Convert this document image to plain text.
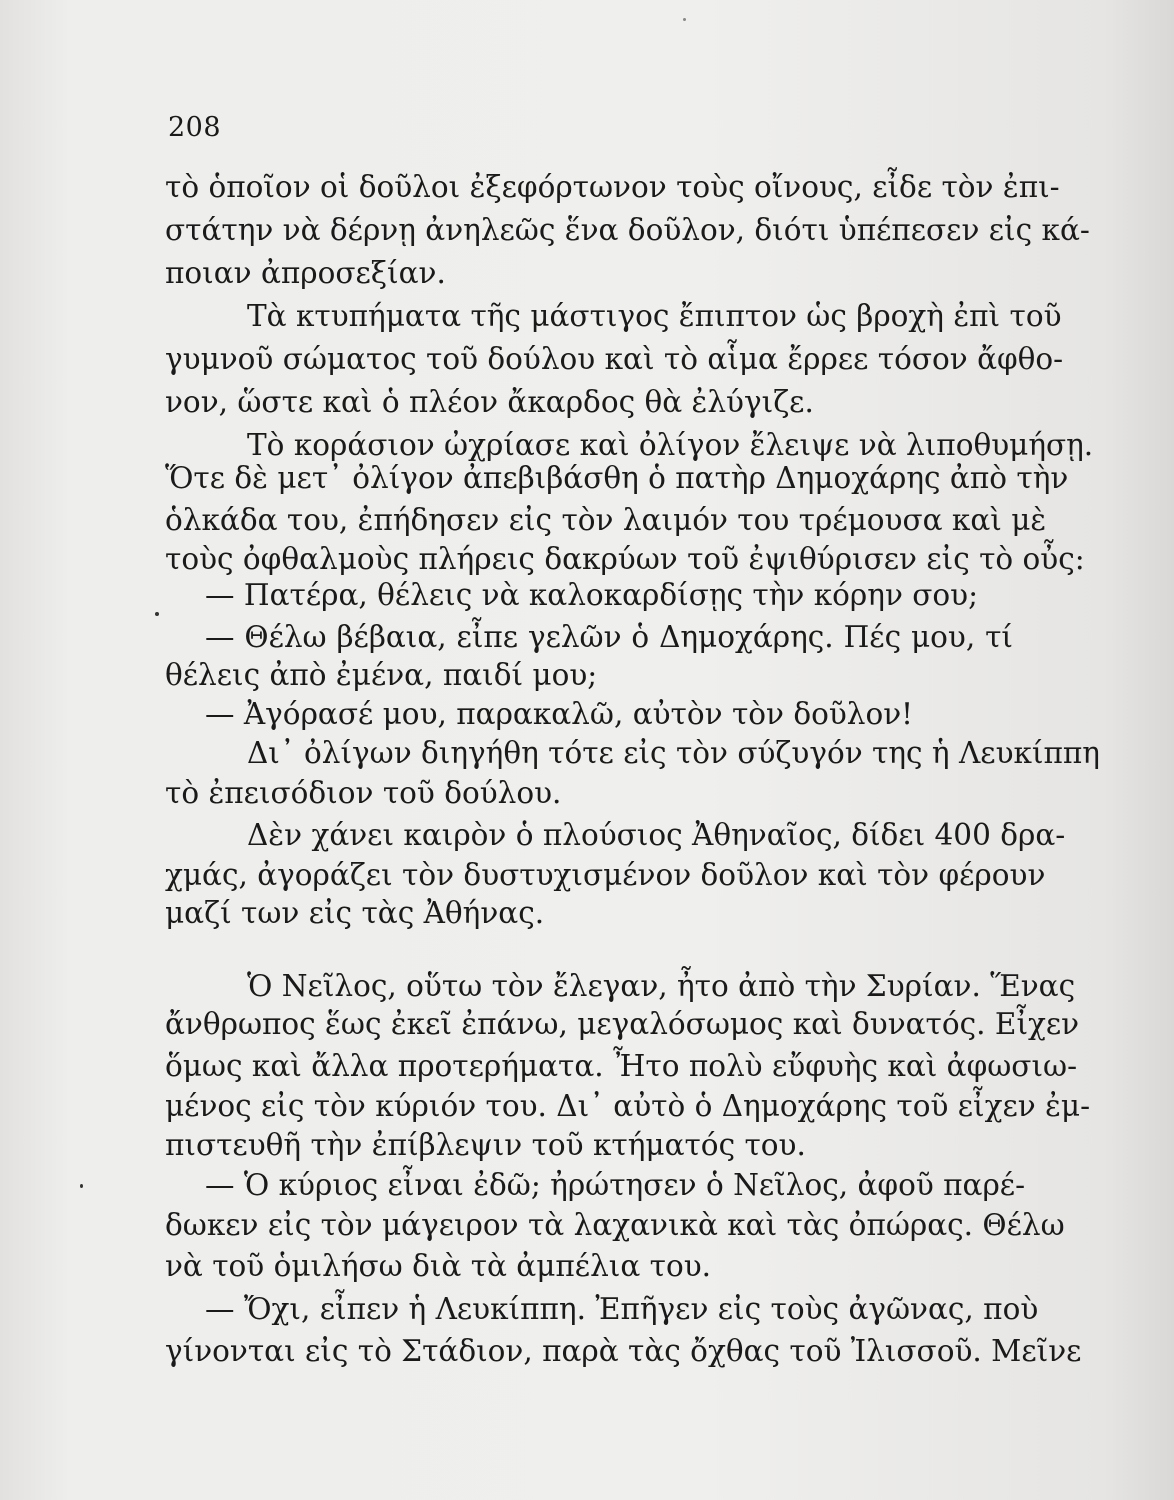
208
τὸ ὁποῖον οἱ δοῦλοι ἐξεφόρτωνον τοὺς οἴνους, εἶδε τὸν ἐπι-
στάτην νὰ δέρνῃ ἀνηλεῶς ἕνα δοῦλον, διότι ὑπέπεσεν εἰς κά-
ποιαν ἀπροσεξίαν.
Τὰ κτυπήματα τῆς μάστιγος ἔπιπτον ὡς βροχὴ ἐπὶ τοῦ
γυμνοῦ σώματος τοῦ δούλου καὶ τὸ αἷμα ἔρρεε τόσον ἄφθο-
νον, ὥστε καὶ ὁ πλέον ἄκαρδος θὰ ἐλύγιζε.
Τὸ κοράσιον ὠχρίασε καὶ ὀλίγον ἔλειψε νὰ λιποθυμήσῃ.
Ὅτε δὲ μετ᾽ ὀλίγον ἀπεβιβάσθη ὁ πατὴρ Δημοχάρης ἀπὸ τὴν
ὁλκάδα του, ἐπήδησεν εἰς τὸν λαιμόν του τρέμουσα καὶ μὲ
τοὺς ὀφθαλμοὺς πλήρεις δακρύων τοῦ ἐψιθύρισεν εἰς τὸ οὖς:
— Πατέρα, θέλεις νὰ καλοκαρδίσῃς τὴν κόρην σου;
— Θέλω βέβαια, εἶπε γελῶν ὁ Δημοχάρης. Πές μου, τί
θέλεις ἀπὸ ἐμένα, παιδί μου;
— Ἀγόρασέ μου, παρακαλῶ, αὐτὸν τὸν δοῦλον!
Δι᾽ ὀλίγων διηγήθη τότε εἰς τὸν σύζυγόν της ἡ Λευκίππη
τὸ ἐπεισόδιον τοῦ δούλου.
Δὲν χάνει καιρὸν ὁ πλούσιος Ἀθηναῖος, δίδει 400 δρα-
χμάς, ἀγοράζει τὸν δυστυχισμένον δοῦλον καὶ τὸν φέρουν
μαζί των εἰς τὰς Ἀθήνας.
Ὁ Νεῖλος, οὕτω τὸν ἔλεγαν, ἦτο ἀπὸ τὴν Συρίαν. Ἕνας
ἄνθρωπος ἕως ἐκεῖ ἐπάνω, μεγαλόσωμος καὶ δυνατός. Εἶχεν
ὅμως καὶ ἄλλα προτερήματα. Ἦτο πολὺ εὔφυὴς καὶ ἀφωσιω-
μένος εἰς τὸν κύριόν του. Δι᾽ αὐτὸ ὁ Δημοχάρης τοῦ εἶχεν ἐμ-
πιστευθῆ τὴν ἐπίβλεψιν τοῦ κτήματός του.
— Ὁ κύριος εἶναι ἐδῶ; ἠρώτησεν ὁ Νεῖλος, ἀφοῦ παρέ-
δωκεν εἰς τὸν μάγειρον τὰ λαχανικὰ καὶ τὰς ὀπώρας. Θέλω
νὰ τοῦ ὁμιλήσω διὰ τὰ ἀμπέλια του.
— Ὄχι, εἶπεν ἡ Λευκίππη. Ἐπῆγεν εἰς τοὺς ἀγῶνας, ποὺ
γίνονται εἰς τὸ Στάδιον, παρὰ τὰς ὄχθας τοῦ Ἰλισσοῦ. Μεῖνε
